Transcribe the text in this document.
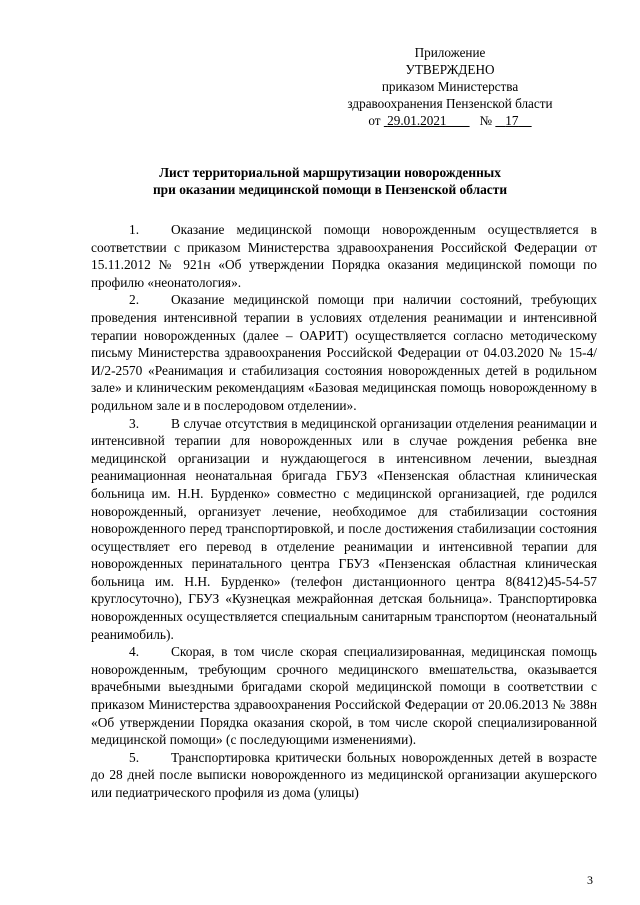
Приложение
УТВЕРЖДЕНО
приказом Министерства
здравоохранения Пензенской бласти
от 29.01.2021 № 17
Лист территориальной маршрутизации новорожденных
при оказании медицинской помощи в Пензенской области

1. Оказание медицинской помощи новорожденным осуществляется в соответствии с приказом Министерства здравоохранения Российской Федерации от 15.11.2012 № 921н «Об утверждении Порядка оказания медицинской помощи по профилю «неонатология».

2. Оказание медицинской помощи при наличии состояний, требующих проведения интенсивной терапии в условиях отделения реанимации и интенсивной терапии новорожденных (далее – ОАРИТ) осуществляется согласно методическому письму Министерства здравоохранения Российской Федерации от 04.03.2020 № 15-4/И/2-2570 «Реанимация и стабилизация состояния новорожденных детей в родильном зале» и клиническим рекомендациям «Базовая медицинская помощь новорожденному в родильном зале и в послеродовом отделении».

3. В случае отсутствия в медицинской организации отделения реанимации и интенсивной терапии для новорожденных или в случае рождения ребенка вне медицинской организации и нуждающегося в интенсивном лечении, выездная реанимационная неонатальная бригада ГБУЗ «Пензенская областная клиническая больница им. Н.Н. Бурденко» совместно с медицинской организацией, где родился новорожденный, организует лечение, необходимое для стабилизации состояния новорожденного перед транспортировкой, и после достижения стабилизации состояния осуществляет его перевод в отделение реанимации и интенсивной терапии для новорожденных перинатального центра ГБУЗ «Пензенская областная клиническая больница им. Н.Н. Бурденко» (телефон дистанционного центра 8(8412)45-54-57 круглосуточно), ГБУЗ «Кузнецкая межрайонная детская больница». Транспортировка новорожденных осуществляется специальным санитарным транспортом (неонатальный реанимобиль).

4. Скорая, в том числе скорая специализированная, медицинская помощь новорожденным, требующим срочного медицинского вмешательства, оказывается врачебными выездными бригадами скорой медицинской помощи в соответствии с приказом Министерства здравоохранения Российской Федерации от 20.06.2013 № 388н «Об утверждении Порядка оказания скорой, в том числе скорой специализированной медицинской помощи» (с последующими изменениями).

5. Транспортировка критически больных новорожденных детей в возрасте до 28 дней после выписки новорожденного из медицинской организации акушерского или педиатрического профиля из дома (улицы)

3
